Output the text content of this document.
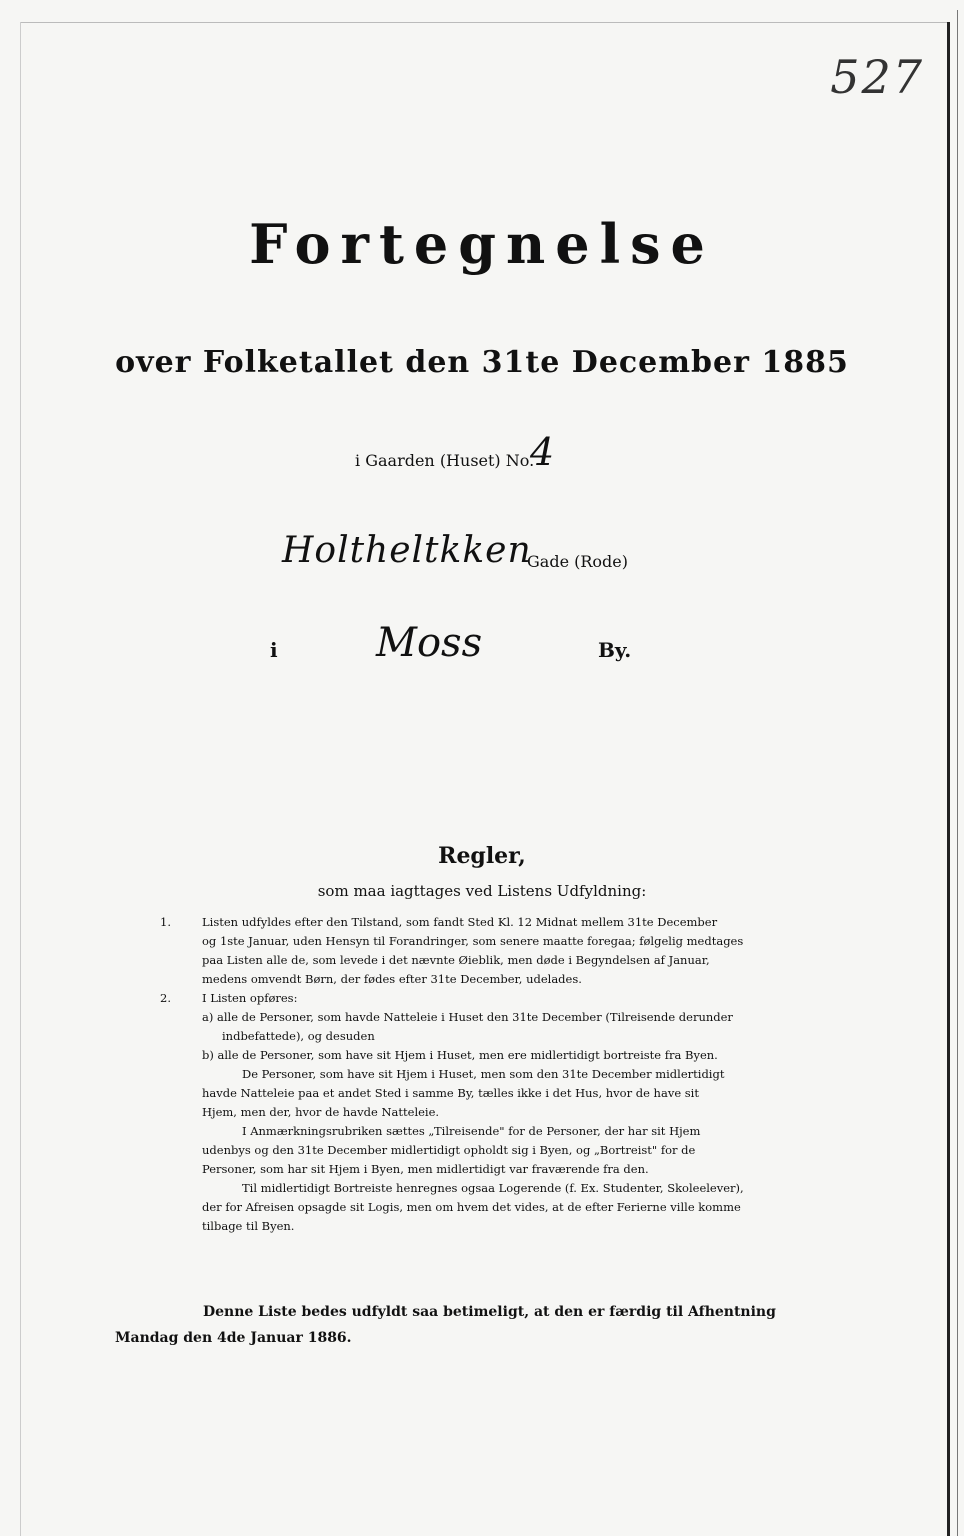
527
Fortegnelse
over Folketallet den 31te December 1885
i Gaarden (Huset) No.
4
Holtheltkken
Gade (Rode)
i Moss	By.
Regler,
som maa iagttages ved Listens Udfyldning:

1.	Listen udfyldes efter den Tilstand, som fandt Sted Kl. 12 Midnat mellem 31te December

og 1ste Januar, uden Hensyn til Forandringer, som senere maatte foregaa; følgelig medtages

paa Listen alle de, som levede i det nævnte Øieblik, men døde i Begyndelsen af Januar,

medens omvendt Børn, der fødes efter 31te December, udelades.

2.	I Listen opføres:

a) alle de Personer, som havde Natteleie i Huset den 31te December (Tilreisende derunder

indbefattede), og desuden

b) alle de Personer, som have sit Hjem i Huset, men ere midlertidigt bortreiste fra Byen.

De Personer, som have sit Hjem i Huset, men som den 31te December midlertidigt

havde Natteleie paa et andet Sted i samme By, tælles ikke i det Hus, hvor de have sit

Hjem, men der, hvor de havde Natteleie.

I Anmærkningsrubriken sættes „Tilreisende" for de Personer, der har sit Hjem

udenbys og den 31te December midlertidigt opholdt sig i Byen, og „Bortreist" for de

Personer, som har sit Hjem i Byen, men midlertidigt var fraværende fra den.

Til midlertidigt Bortreiste henregnes ogsaa Logerende (f. Ex. Studenter, Skoleelever),

der for Afreisen opsagde sit Logis, men om hvem det vides, at de efter Ferierne ville komme

tilbage til Byen.

Denne Liste bedes udfyldt saa betimeligt, at den er færdig til Afhentning

Mandag den 4de Januar 1886.
